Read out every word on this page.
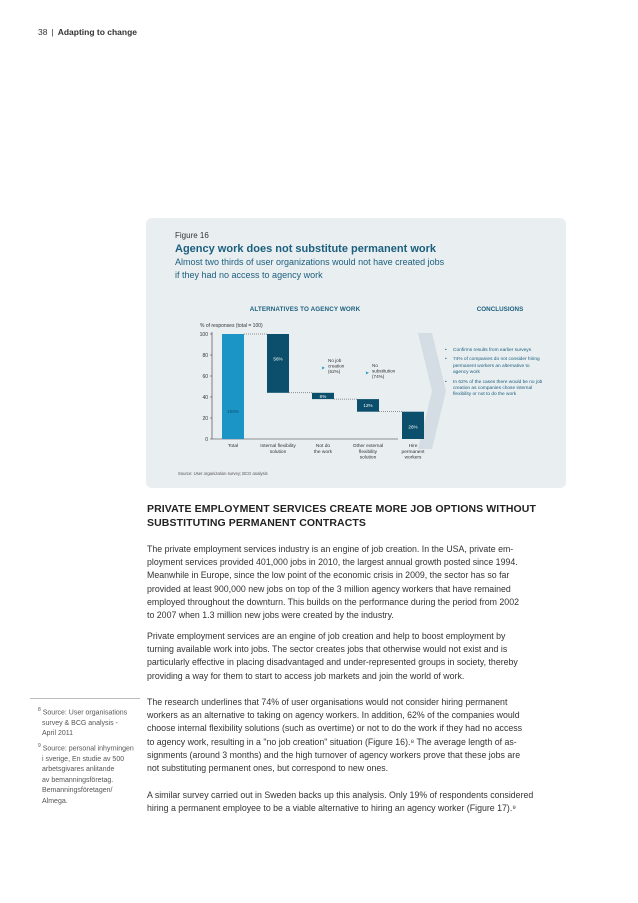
38 | Adapting to change
Figure 16
Agency work does not substitute permanent work
Almost two thirds of user organizations would not have created jobs
if they had no access to agency work
ALTERNATIVES TO AGENCY WORK	CONCLUSIONS
% of responses (total = 100)
0
20
40
60
80
100
100%
Total
56%
Internal flexibility
solution
6%
Not do
the work
12%
Other external
flexibility
solution
26%
Hire
permanent
workers
➤
No job
creation
(62%)	➤
No
substitution
(74%)
• Confirms results from earlier surveys
• 74% of companies do not consider hiring permanent workers an alternative to agency work
• In 62% of the cases there would be no job creation as companies chose internal flexibility or not to do the work
Source: User organization survey; BCG analysis
PRIVATE EMPLOYMENT SERVICES CREATE MORE JOB OPTIONS WITHOUT
SUBSTITUTING PERMANENT CONTRACTS
The private employment services industry is an engine of job creation. In the USA, private em-
ployment services provided 401,000 jobs in 2010, the largest annual growth posted since 1994.
Meanwhile in Europe, since the low point of the economic crisis in 2009, the sector has so far
provided at least 900,000 new jobs on top of the 3 million agency workers that have remained
employed throughout the downturn. This builds on the performance during the period from 2002
to 2007 when 1.3 million new jobs were created by the industry.
Private employment services are an engine of job creation and help to boost employment by
turning available work into jobs. The sector creates jobs that otherwise would not exist and is
particularly effective in placing disadvantaged and under-represented groups in society, thereby
providing a way for them to start to access job markets and join the world of work.
The research underlines that 74% of user organisations would not consider hiring permanent
workers as an alternative to taking on agency workers. In addition, 62% of the companies would
choose internal flexibility solutions (such as overtime) or not to do the work if they had no access
to agency work, resulting in a "no job creation" situation (Figure 16).⁸ The average length of as-
signments (around 3 months) and the high turnover of agency workers prove that these jobs are
not substituting permanent ones, but correspond to new ones.
A similar survey carried out in Sweden backs up this analysis. Only 19% of respondents considered
hiring a permanent employee to be a viable alternative to hiring an agency worker (Figure 17).⁹
$^8$ Source: User organisations
survey & BCG analysis -
April 2011
$^9$ Source: personal inhyrningen
i sverige, En studie av 500
arbetsgivares anlitande
av bemanningsföretag.
Bemanningsföretagen/
Almega.
